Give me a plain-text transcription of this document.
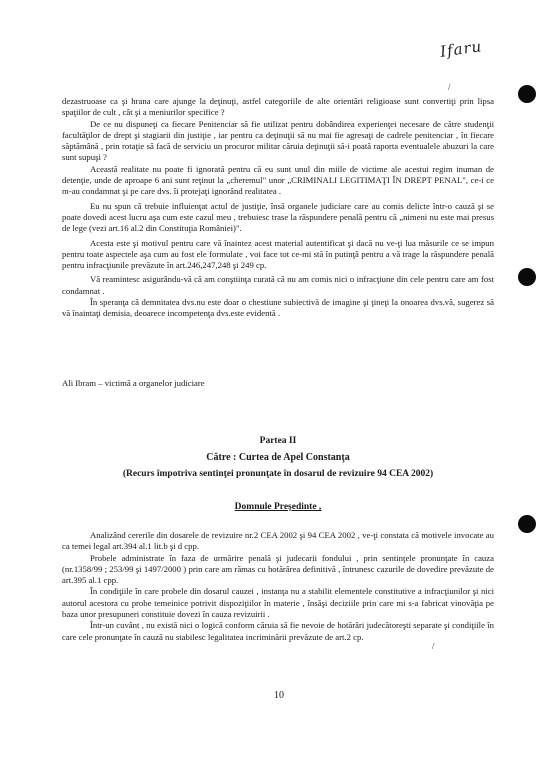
Ifaru

dezastruoase ca şi hrana care ajunge la deţinuţi, astfel categoriile de alte orientări religioase sunt convertiţi prin lipsa spaţiilor de cult , cât şi a meniurilor specifice ?

De ce nu dispuneţi ca fiecare Penitenciar să fie utilizat pentru dobândirea experienţei necesare de către studenţii facultăţilor de drept şi stagiarii din justiţie , iar pentru ca deţinuţii să nu mai fie agresaţi de cadrele penitenciar , în fiecare săptămână , prin rotaţie să facă de serviciu un procuror militar căruia deţinuţii să-i poată raporta eventualele abuzuri la care sunt supuşi ?

Această realitate nu poate fi ignorată pentru că eu sunt unul din miile de victime ale acestui regim inuman de detenţie, unde de aproape 6 ani sunt reţinut la „cheremul" unor „CRIMINALI LEGITIMAŢI ÎN DREPT PENAL", ce-i ce m-au condamnat şi pe care dvs. îi protejaţi ignorând realitatea .

Eu nu spun că trebuie influienţat actul de justiţie, însă organele judiciare care au comis delicte într-o cauză şi se poate dovedi acest lucru aşa cum este cazul meu , trebuiesc trase la răspundere penală pentru că „nimeni nu este mai presus de lege (vezi art.16 al.2 din Constituţia României)".

Acesta este şi motivul pentru care vă înaintez acest material autentificat şi dacă nu ve-ţi lua măsurile ce se impun pentru toate aspectele aşa cum au fost ele formulate , voi face tot ce-mi stă în putinţă pentru a vă trage la răspundere penală pentru infracţiunile prevăzute în art.246,247,248 şi 249 cp.

Vă reamintesc asigurându-vă că am conştiinţa curată că nu am comis nici o infracţiune din cele pentru care am fost condamnat .

În speranţa că demnitatea dvs.nu este doar o chestiune subiectivă de imagine şi ţineţi la onoarea dvs.vă, sugerez să vă înaintaţi demisia, deoarece incompetenţa dvs.este evidentă .

Ali Ibram – victimă a organelor judiciare
Partea II
Către : Curtea de Apel Constanţa
(Recurs împotriva sentinţei pronunţate în dosarul de revizuire 94 CEA 2002)
Domnule Preşedinte ,

Analizând cererile din dosarele de revizuire nr.2 CEA 2002 şi 94 CEA 2002 , ve-ţi constata că motivele invocate au ca temei legal art.394 al.1 lit.b şi d cpp.

Probele administrate în faza de urmărire penală şi judecarii fondului , prin sentinţele pronunţate în cauza (nr.1358/99 ; 253/99 şi 1497/2000 ) prin care am rămas cu hotărârea definitivă , întrunesc cazurile de dovedire prevăzute de art.395 al.1 cpp.

În condiţiile în care probele din dosarul cauzei , instanţa nu a stabilit elementele constitutive a infracţiunilor şi nici autorul acestora cu probe temeinice potrivit dispoziţiilor în materie , însăşi deciziile prin care mi s-a fabricat vinovăţia pe baza unor presupuneri constituie dovezi în cauza revizuirii .

Într-un cuvânt , nu există nici o logică conform căruia să fie nevoie de hotărâri judecătoreşti separate şi condiţiile în care cele pronunţate în cauză nu stabilesc legalitatea incriminării prevăzute de art.2 cp.

/
/
10
